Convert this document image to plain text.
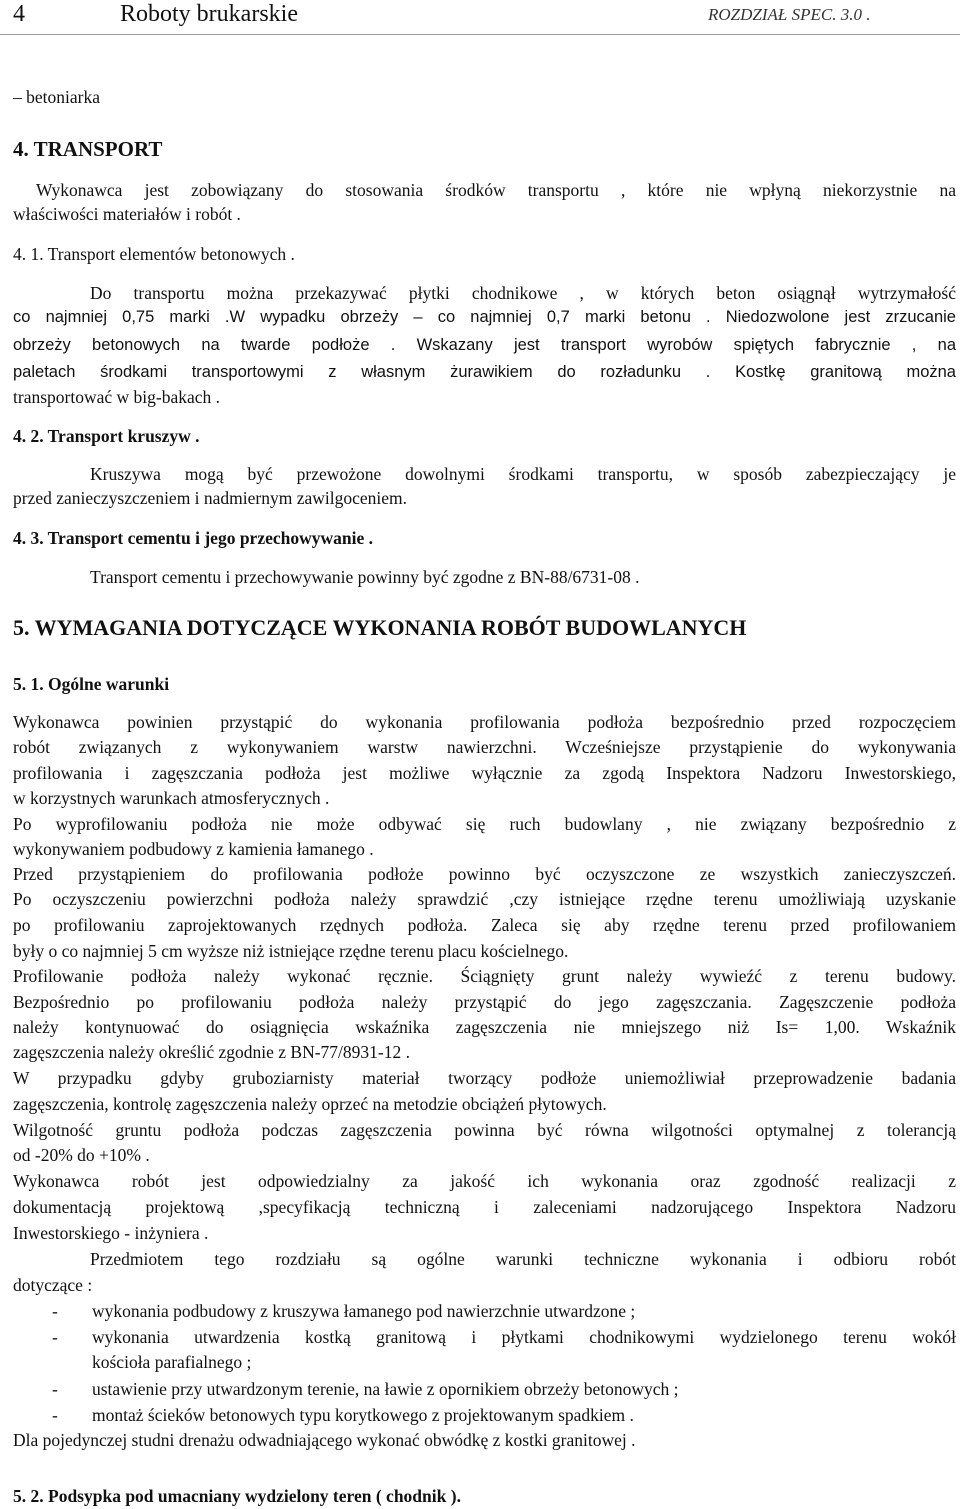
4	Roboty brukarskie	ROZDZIAŁ SPEC. 3.0 .
– betoniarka
4. TRANSPORT
Wykonawca jest zobowiązany do stosowania środków transportu , które nie wpłyną niekorzystnie na
właściwości materiałów i robót .
4. 1. Transport elementów betonowych .
Do transportu można przekazywać płytki chodnikowe , w których beton osiągnął wytrzymałość
co najmniej 0,75 marki .W wypadku obrzeży – co najmniej 0,7 marki betonu . Niedozwolone jest zrzucanie
obrzeży betonowych na twarde podłoże . Wskazany jest transport wyrobów spiętych fabrycznie , na
paletach środkami transportowymi z własnym żurawikiem do rozładunku . Kostkę granitową można
transportować w big-bakach .
4. 2. Transport kruszyw .
Kruszywa mogą być przewożone dowolnymi środkami transportu, w sposób zabezpieczający je
przed zanieczyszczeniem i nadmiernym zawilgoceniem.
4. 3. Transport cementu i jego przechowywanie .
Transport cementu i przechowywanie powinny być zgodne z BN-88/6731-08 .
5. WYMAGANIA DOTYCZĄCE WYKONANIA ROBÓT BUDOWLANYCH
5. 1. Ogólne warunki
Wykonawca powinien przystąpić do wykonania profilowania podłoża bezpośrednio przed rozpoczęciem
robót związanych z wykonywaniem warstw nawierzchni. Wcześniejsze przystąpienie do wykonywania
profilowania i zagęszczania podłoża jest możliwe wyłącznie za zgodą Inspektora Nadzoru Inwestorskiego,
w korzystnych warunkach atmosferycznych .
Po wyprofilowaniu podłoża nie może odbywać się ruch budowlany , nie związany bezpośrednio z
wykonywaniem podbudowy z kamienia łamanego .
Przed przystąpieniem do profilowania podłoże powinno być oczyszczone ze wszystkich zanieczyszczeń.
Po oczyszczeniu powierzchni podłoża należy sprawdzić ,czy istniejące rzędne terenu umożliwiają uzyskanie
po profilowaniu zaprojektowanych rzędnych podłoża. Zaleca się aby rzędne terenu przed profilowaniem
były o co najmniej 5 cm wyższe niż istniejące rzędne terenu placu kościelnego.
Profilowanie podłoża należy wykonać ręcznie. Ściągnięty grunt należy wywieźć z terenu budowy.
Bezpośrednio po profilowaniu podłoża należy przystąpić do jego zagęszczania. Zagęszczenie podłoża
należy kontynuować do osiągnięcia wskaźnika zagęszczenia nie mniejszego niż Is= 1,00. Wskaźnik
zagęszczenia należy określić zgodnie z BN-77/8931-12 .
W przypadku gdyby gruboziarnisty materiał tworzący podłoże uniemożliwiał przeprowadzenie badania
zagęszczenia, kontrolę zagęszczenia należy oprzeć na metodzie obciążeń płytowych.
Wilgotność gruntu podłoża podczas zagęszczenia powinna być równa wilgotności optymalnej z tolerancją
od -20% do +10% .
Wykonawca robót jest odpowiedzialny za jakość ich wykonania oraz zgodność realizacji z
dokumentacją projektową ,specyfikacją techniczną i zaleceniami nadzorującego Inspektora Nadzoru
Inwestorskiego - inżyniera .
Przedmiotem tego rozdziału są ogólne warunki techniczne wykonania i odbioru robót
dotyczące :
-	wykonania podbudowy z kruszywa łamanego pod nawierzchnie utwardzone ;
-	wykonania utwardzenia kostką granitową i płytkami chodnikowymi wydzielonego terenu wokół
kościoła parafialnego ;
-	ustawienie przy utwardzonym terenie, na ławie z opornikiem obrzeży betonowych ;
-	montaż ścieków betonowych typu korytkowego z projektowanym spadkiem .
Dla pojedynczej studni drenażu odwadniającego wykonać obwódkę z kostki granitowej .
5. 2. Podsypka pod umacniany wydzielony teren ( chodnik ).
